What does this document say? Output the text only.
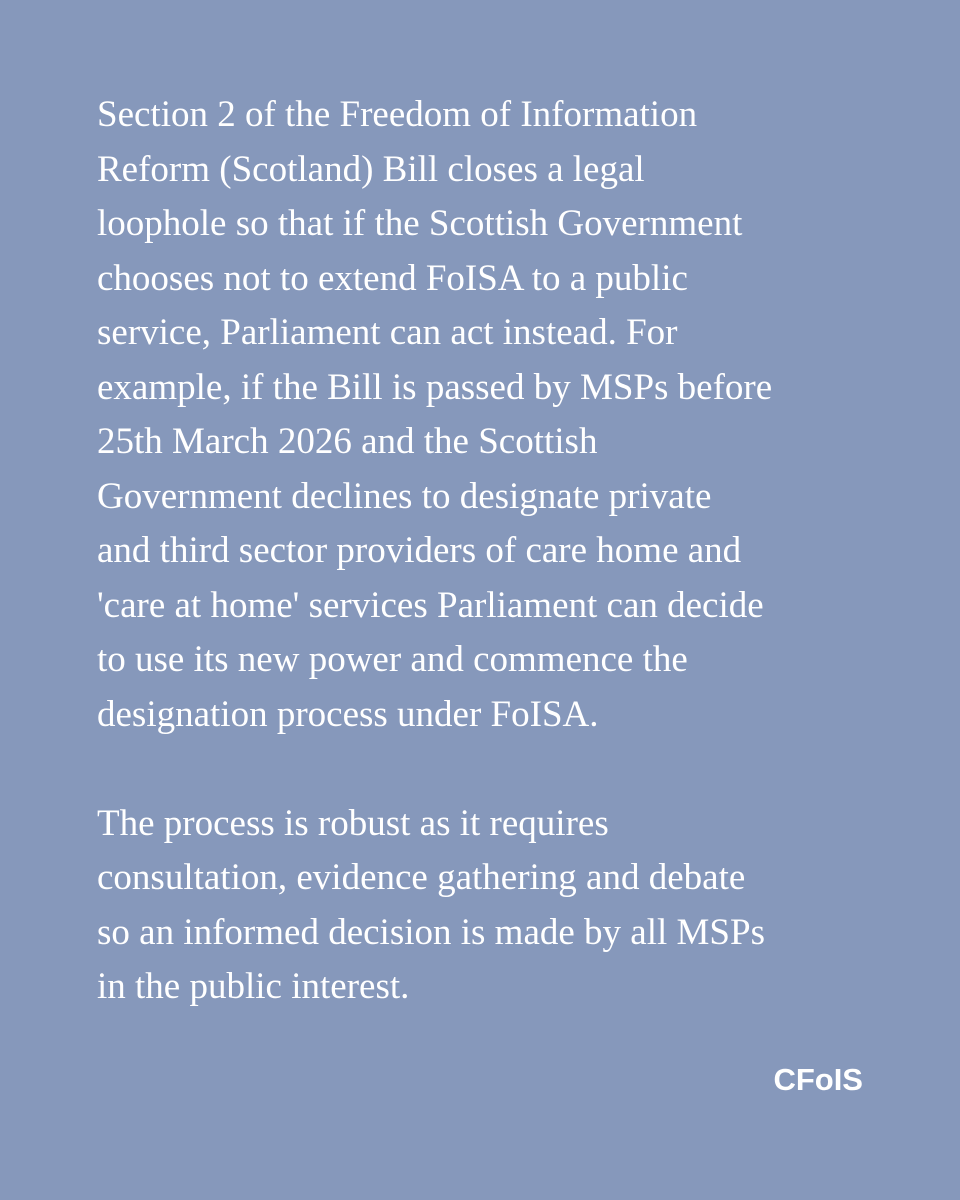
Section 2 of the Freedom of Information
Reform (Scotland) Bill closes a legal
loophole so that if the Scottish Government
chooses not to extend FoISA to a public
service, Parliament can act instead. For
example, if the Bill is passed by MSPs before
25th March 2026 and the Scottish
Government declines to designate private
and third sector providers of care home and
'care at home' services Parliament can decide
to use its new power and commence the
designation process under FoISA.

The process is robust as it requires
consultation, evidence gathering and debate
so an informed decision is made by all MSPs
in the public interest.

CFoIS
